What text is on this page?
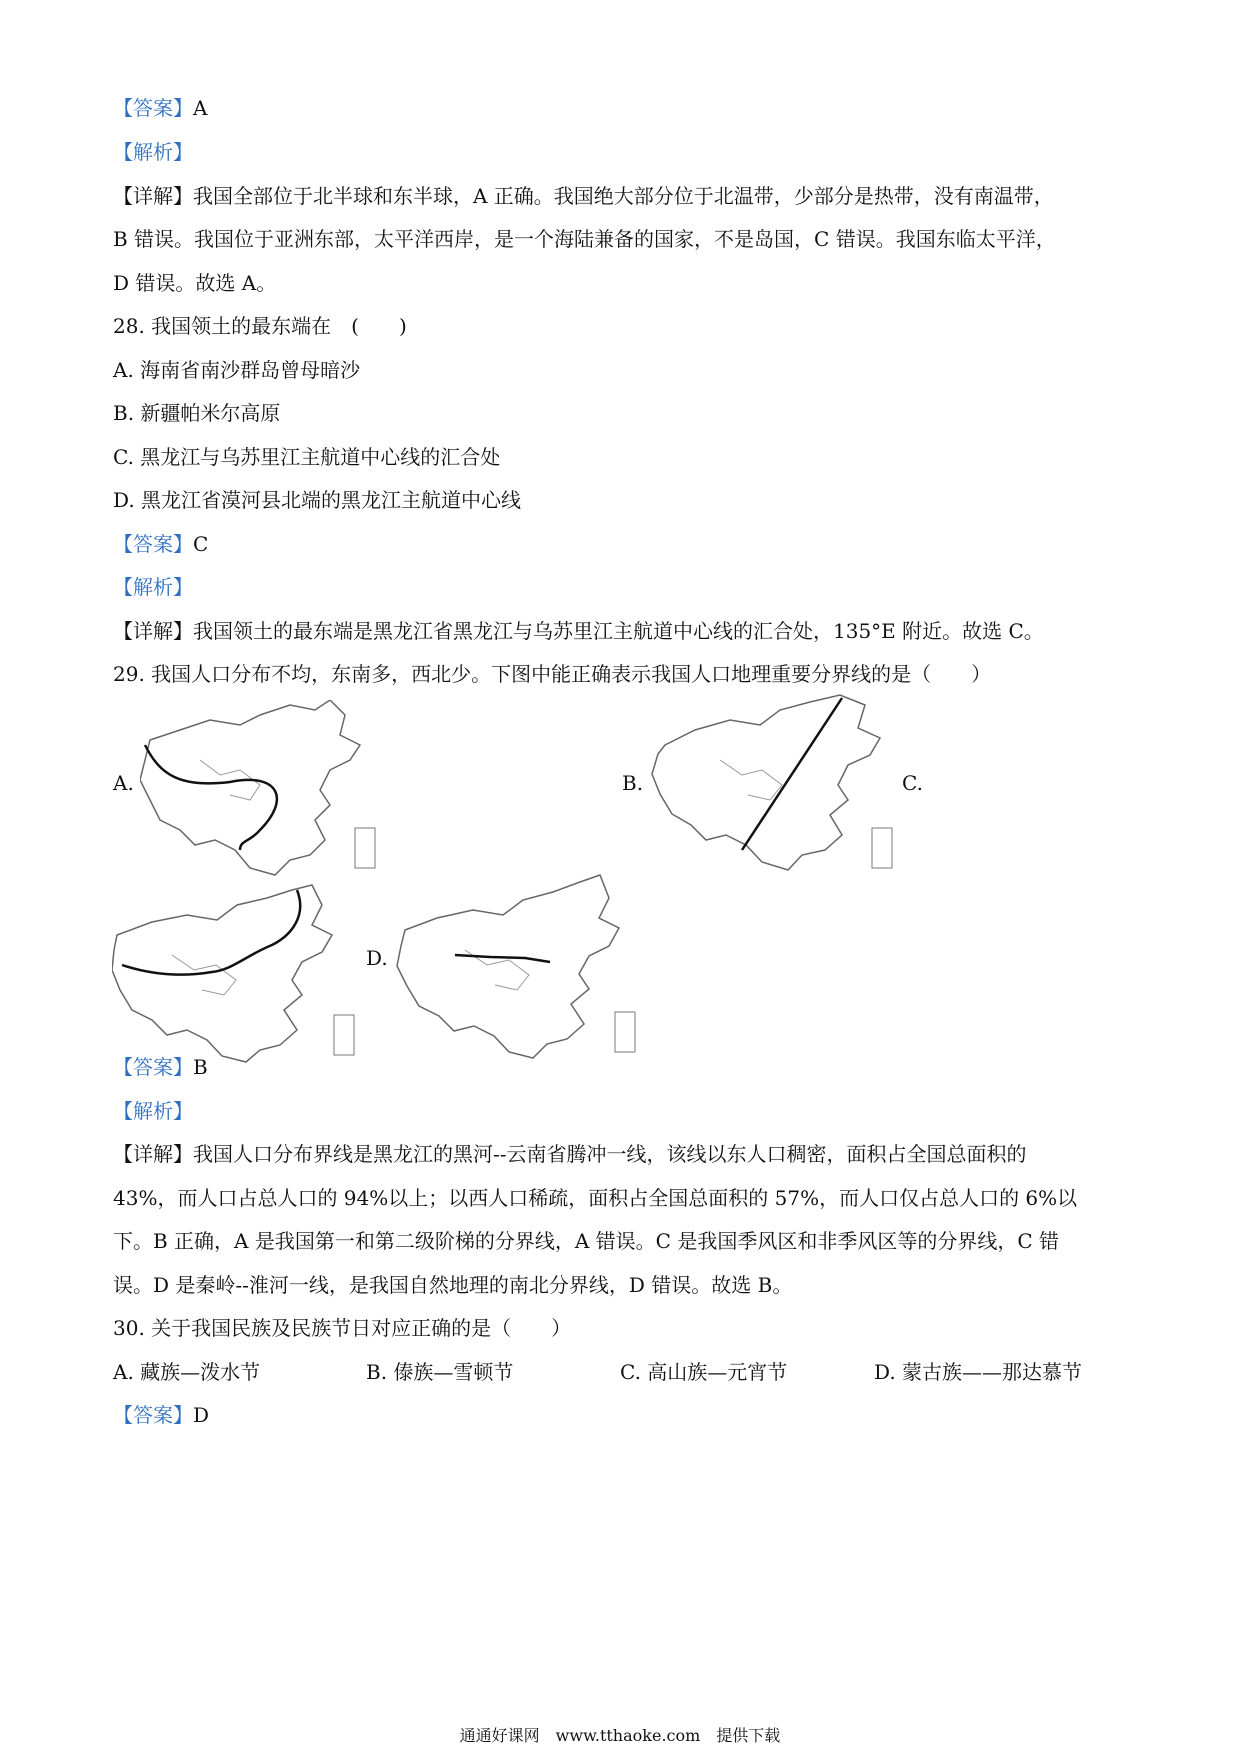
【答案】A
【解析】
【详解】我国全部位于北半球和东半球，A 正确。我国绝大部分位于北温带，少部分是热带，没有南温带，
B 错误。我国位于亚洲东部，太平洋西岸，是一个海陆兼备的国家，不是岛国，C 错误。我国东临太平洋，
D 错误。故选 A。
28. 我国领土的最东端在　(　　)
A. 海南省南沙群岛曾母暗沙
B. 新疆帕米尔高原
C. 黑龙江与乌苏里江主航道中心线的汇合处
D. 黑龙江省漠河县北端的黑龙江主航道中心线
【答案】C
【解析】
【详解】我国领土的最东端是黑龙江省黑龙江与乌苏里江主航道中心线的汇合处，135°E 附近。故选 C。
29. 我国人口分布不均，东南多，西北少。下图中能正确表示我国人口地理重要分界线的是（　　）
A.	B.	C.
D.
【答案】B
【解析】
【详解】我国人口分布界线是黑龙江的黑河--云南省腾冲一线，该线以东人口稠密，面积占全国总面积的
43%，而人口占总人口的 94%以上；以西人口稀疏，面积占全国总面积的 57%，而人口仅占总人口的 6%以
下。B 正确，A 是我国第一和第二级阶梯的分界线，A 错误。C 是我国季风区和非季风区等的分界线，C 错
误。D 是秦岭--淮河一线，是我国自然地理的南北分界线，D 错误。故选 B。
30. 关于我国民族及民族节日对应正确的是（　　）
A. 藏族—泼水节	B. 傣族—雪顿节	C. 高山族—元宵节	D. 蒙古族——那达慕节
【答案】D
通通好课网　www.tthaoke.com　提供下载
